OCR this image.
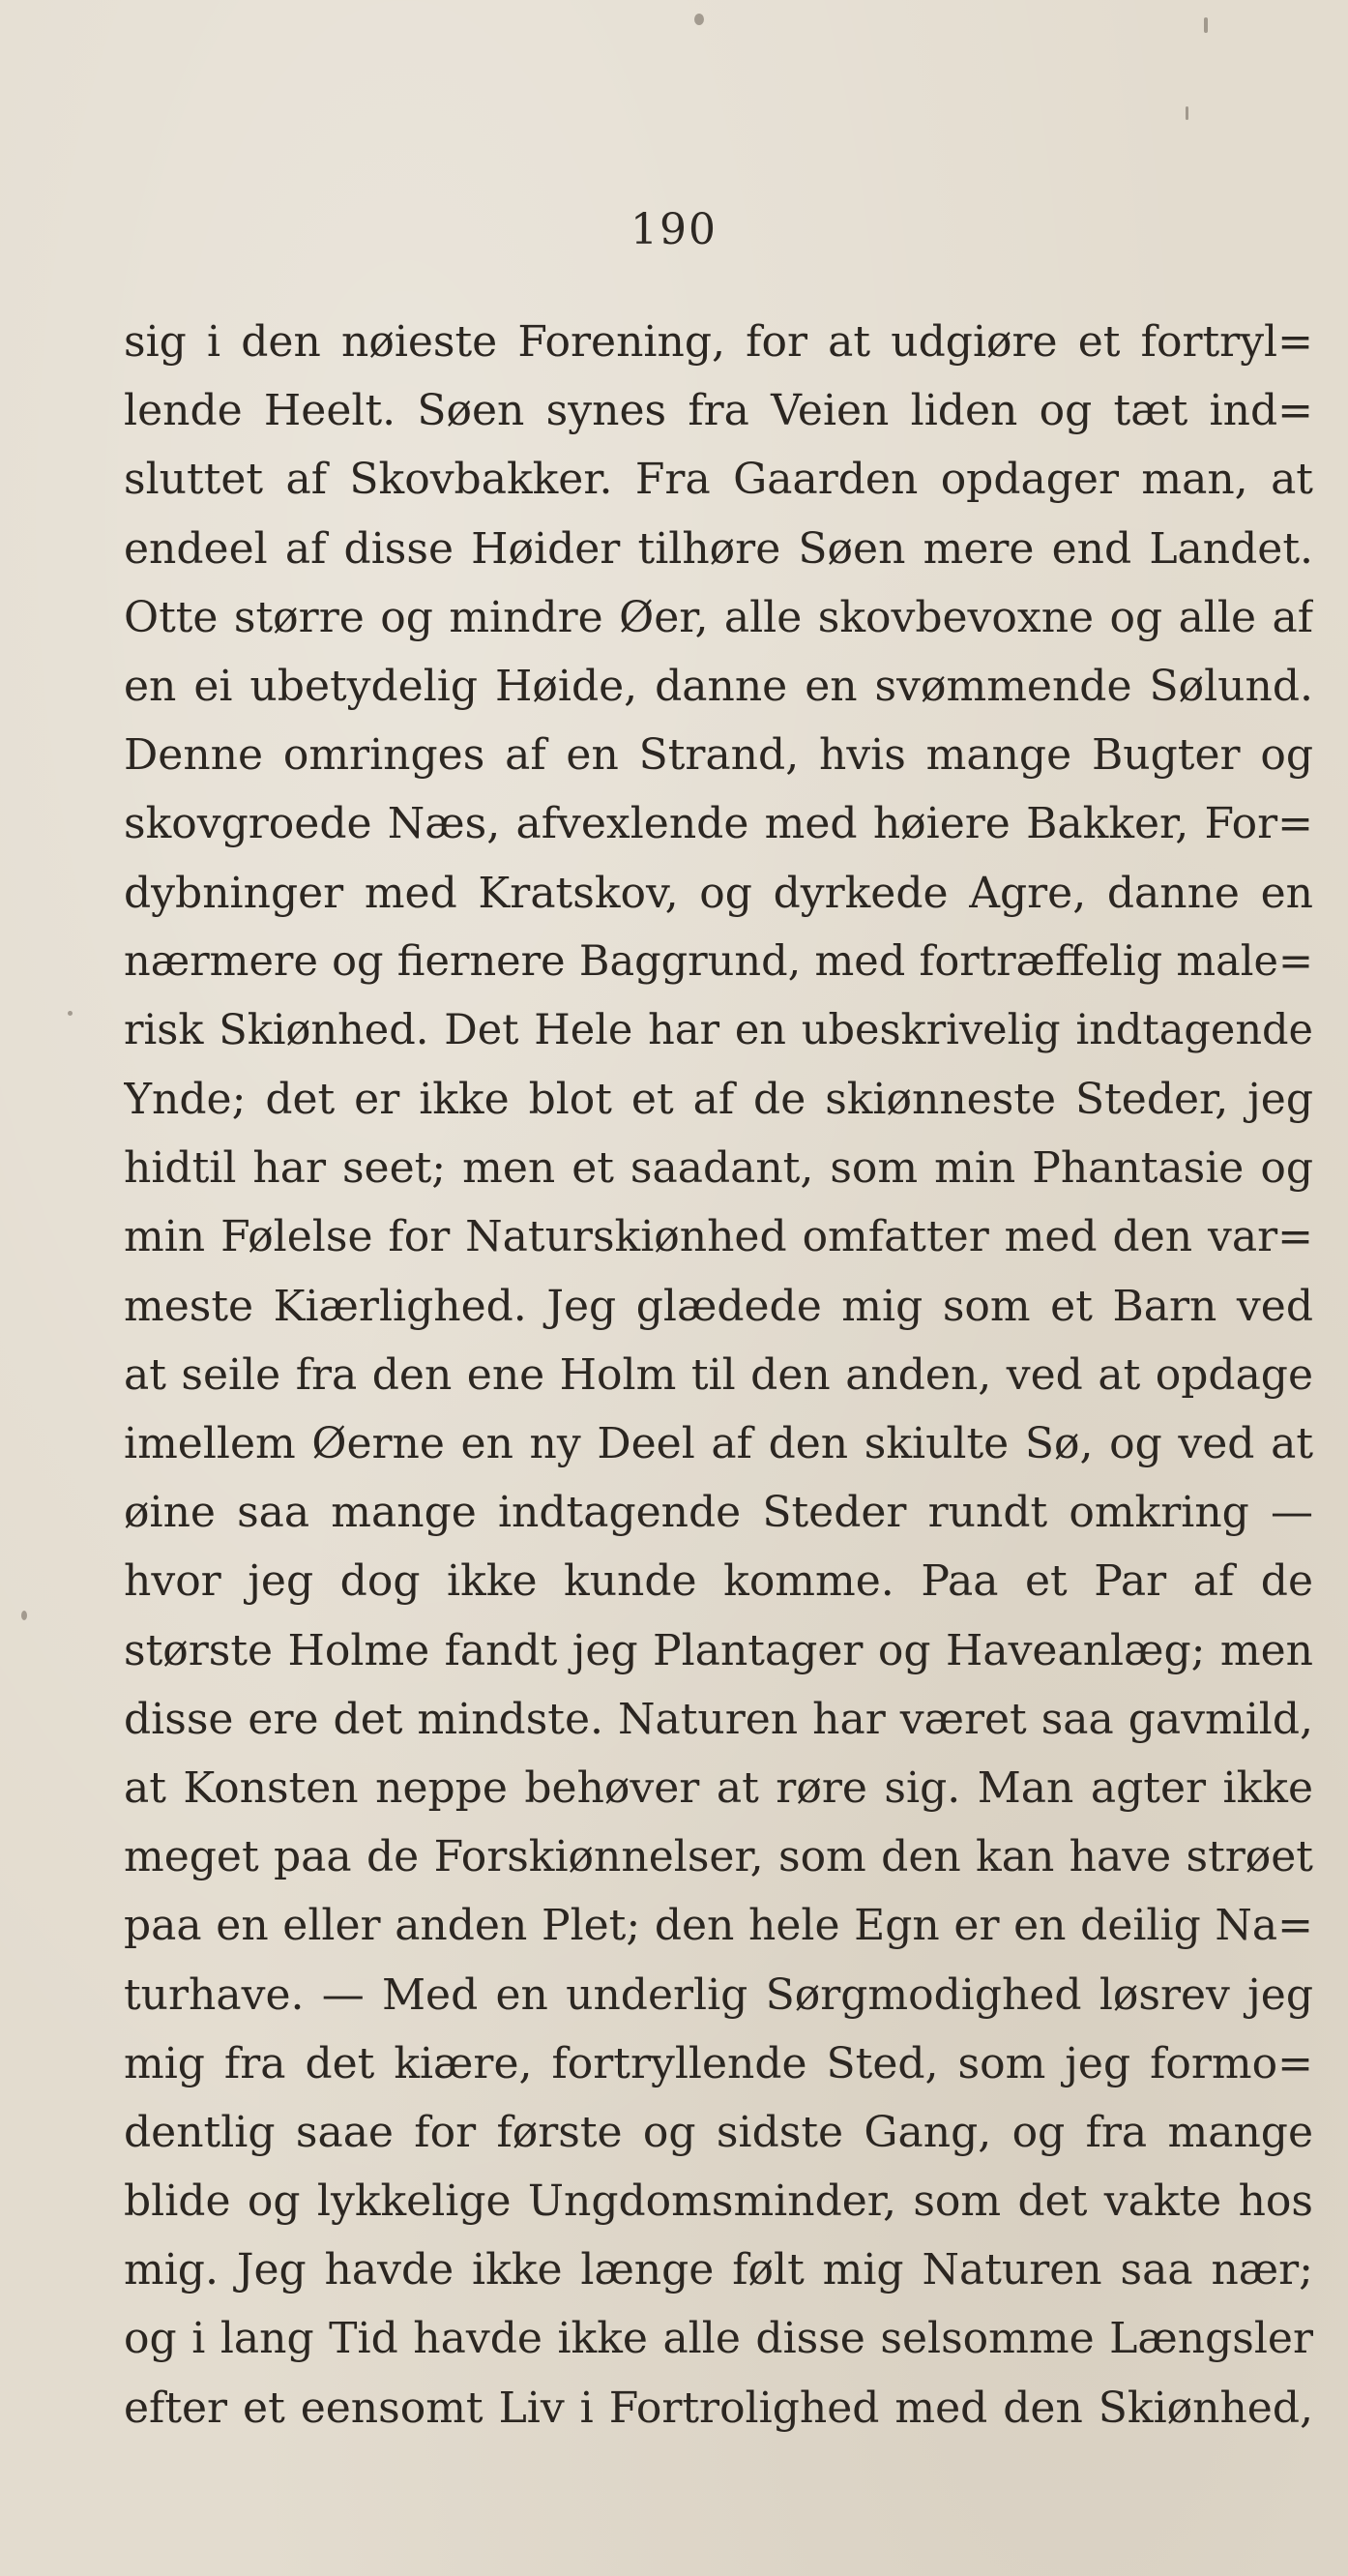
190
sig i den nøieste Forening, for at udgiøre et fortryl=
lende Heelt. Søen synes fra Veien liden og tæt ind=
sluttet af Skovbakker. Fra Gaarden opdager man, at
endeel af disse Høider tilhøre Søen mere end Landet.
Otte større og mindre Øer, alle skovbevoxne og alle af
en ei ubetydelig Høide, danne en svømmende Sølund.
Denne omringes af en Strand, hvis mange Bugter og
skovgroede Næs, afvexlende med høiere Bakker, For=
dybninger med Kratskov, og dyrkede Agre, danne en
nærmere og fiernere Baggrund, med fortræffelig male=
risk Skiønhed. Det Hele har en ubeskrivelig indtagende
Ynde; det er ikke blot et af de skiønneste Steder, jeg
hidtil har seet; men et saadant, som min Phantasie og
min Følelse for Naturskiønhed omfatter med den var=
meste Kiærlighed. Jeg glædede mig som et Barn ved
at seile fra den ene Holm til den anden, ved at opdage
imellem Øerne en ny Deel af den skiulte Sø, og ved at
øine saa mange indtagende Steder rundt omkring —
hvor jeg dog ikke kunde komme. Paa et Par af de
største Holme fandt jeg Plantager og Haveanlæg; men
disse ere det mindste. Naturen har været saa gavmild,
at Konsten neppe behøver at røre sig. Man agter ikke
meget paa de Forskiønnelser, som den kan have strøet
paa en eller anden Plet; den hele Egn er en deilig Na=
turhave. — Med en underlig Sørgmodighed løsrev jeg
mig fra det kiære, fortryllende Sted, som jeg formo=
dentlig saae for første og sidste Gang, og fra mange
blide og lykkelige Ungdomsminder, som det vakte hos
mig. Jeg havde ikke længe følt mig Naturen saa nær;
og i lang Tid havde ikke alle disse selsomme Længsler
efter et eensomt Liv i Fortrolighed med den Skiønhed,
